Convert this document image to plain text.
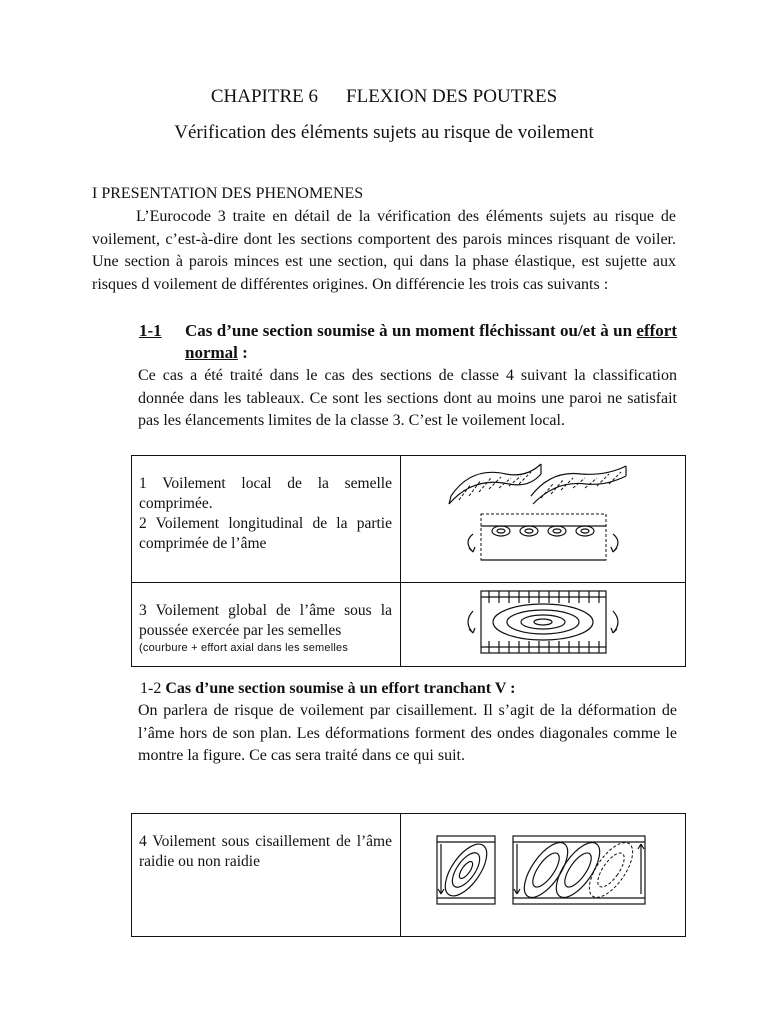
CHAPITRE 6 FLEXION DES POUTRES
Vérification des éléments sujets au risque de voilement
I PRESENTATION DES PHENOMENES
L’Eurocode 3 traite en détail de la vérification des éléments sujets au risque de voilement, c’est-à-dire dont les sections comportent des parois minces risquant de voiler. Une section à parois minces est une section, qui dans la phase élastique, est sujette aux risques d voilement de différentes origines. On différencie les trois cas suivants :
1-1 Cas d’une section soumise à un moment fléchissant ou/et à un effort normal :
Ce cas a été traité dans le cas des sections de classe 4 suivant la classification donnée dans les tableaux. Ce sont les sections dont au moins une paroi ne satisfait pas les élancements limites de la classe 3. C’est le voilement local.
1 Voilement local de la semelle comprimée.
2 Voilement longitudinal de la partie comprimée de l’âme

3 Voilement global de l’âme sous la poussée exercée par les semelles
(courbure + effort axial dans les semelles

1-2 Cas d’une section soumise à un effort tranchant V :
On parlera de risque de voilement par cisaillement. Il s’agit de la déformation de l’âme hors de son plan. Les déformations forment des ondes diagonales comme le montre la figure. Ce cas sera traité dans ce qui suit.
4 Voilement sous cisaillement de l’âme raidie ou non raidie
